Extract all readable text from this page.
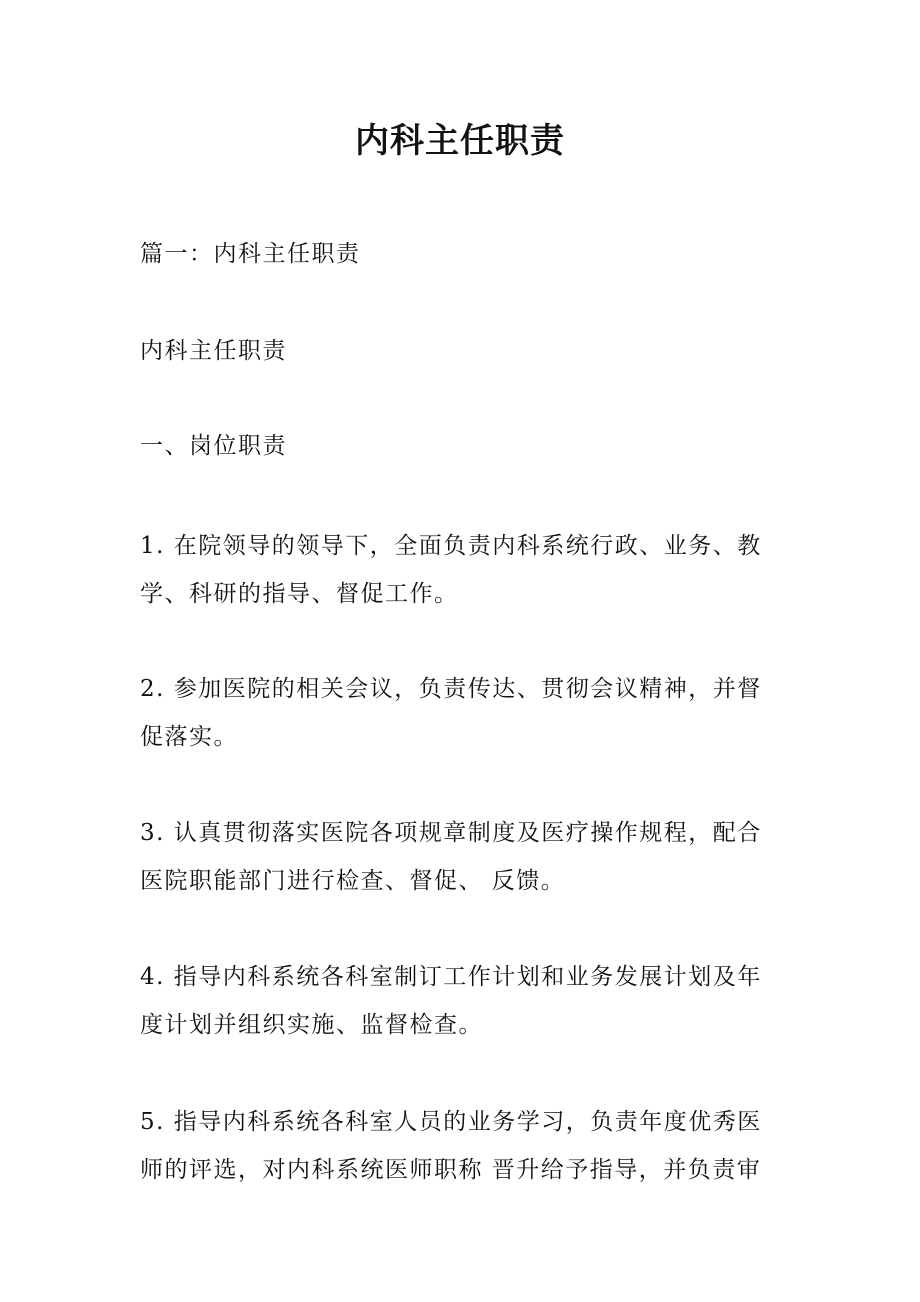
内科主任职责

篇一：内科主任职责

内科主任职责

一、岗位职责

1. 在院领导的领导下，全面负责内科系统行政、业务、教
学、科研的指导、督促工作。
2. 参加医院的相关会议，负责传达、贯彻会议精神，并督
促落实。
3. 认真贯彻落实医院各项规章制度及医疗操作规程，配合
医院职能部门进行检查、督促、 反馈。
4. 指导内科系统各科室制订工作计划和业务发展计划及年
度计划并组织实施、监督检查。
5. 指导内科系统各科室人员的业务学习，负责年度优秀医
师的评选，对内科系统医师职称 晋升给予指导，并负责审
